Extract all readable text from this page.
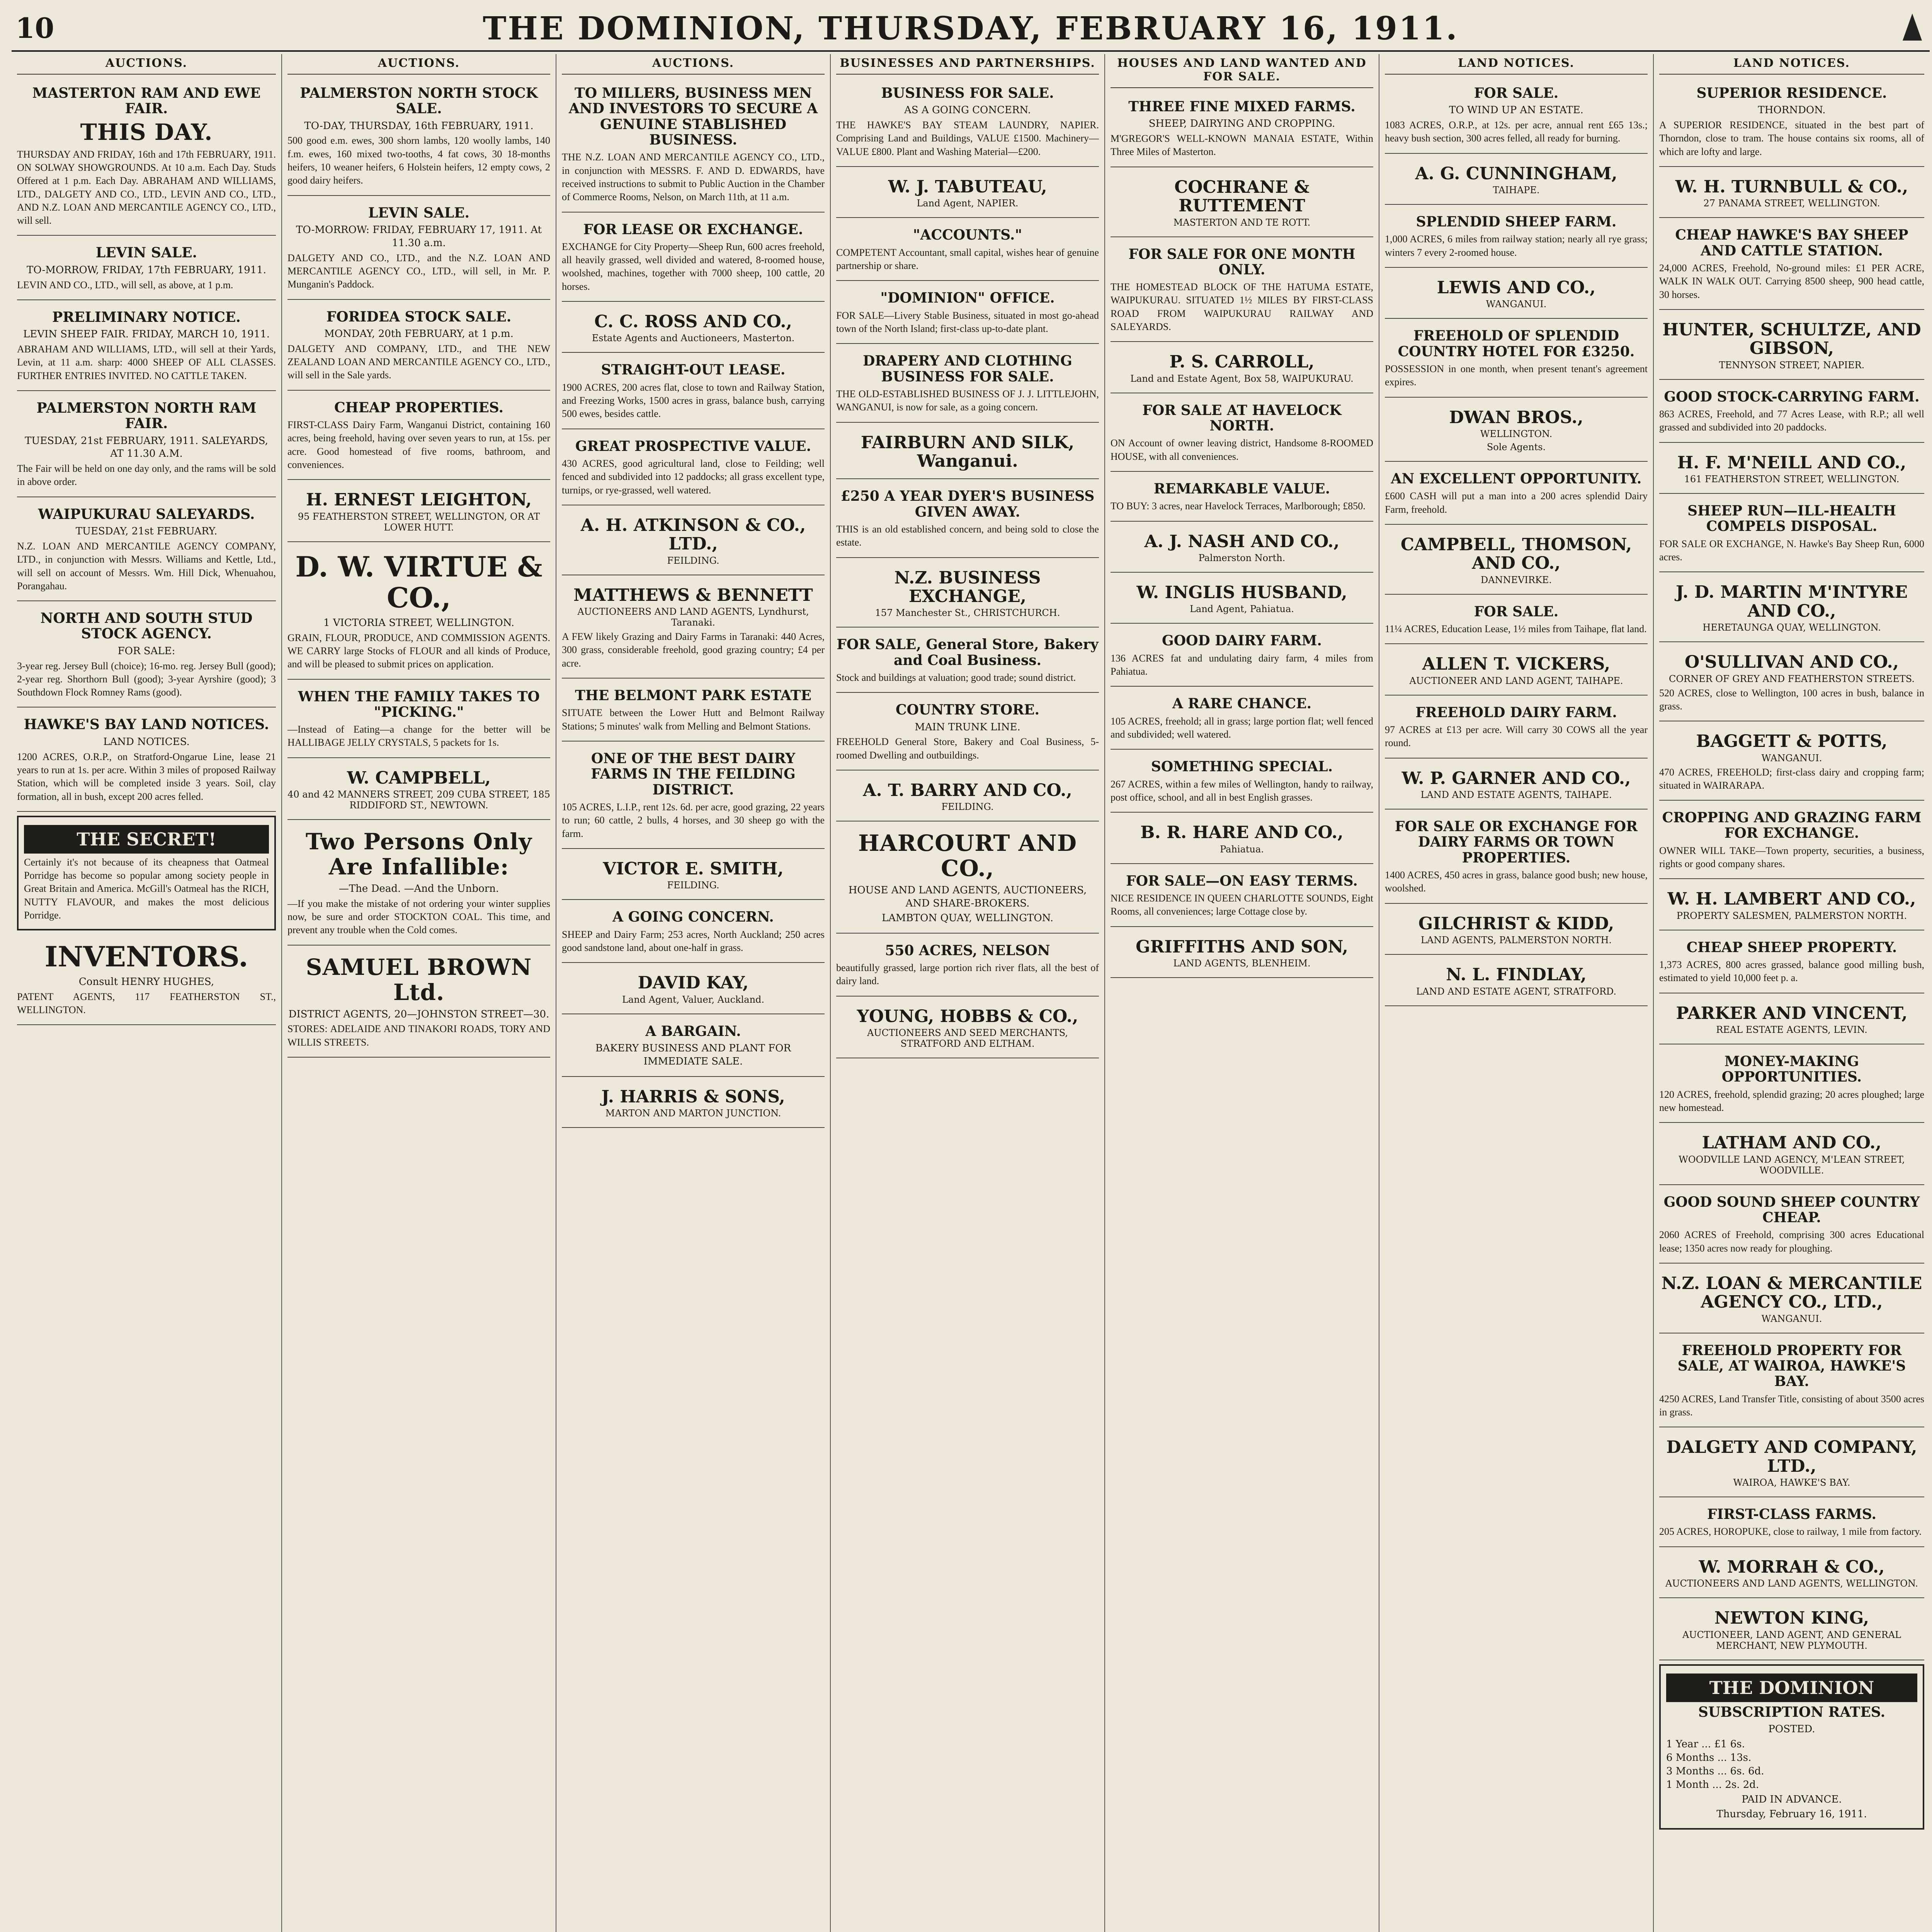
10	THE DOMINION, THURSDAY, FEBRUARY 16, 1911.
AUCTIONS.
MASTERTON RAM AND EWE FAIR.
THIS DAY.
THURSDAY AND FRIDAY, 16th and 17th FEBRUARY, 1911. ON SOLWAY SHOWGROUNDS. At 10 a.m. Each Day. Studs Offered at 1 p.m. Each Day. ABRAHAM AND WILLIAMS, LTD., DALGETY AND CO., LTD., LEVIN AND CO., LTD., AND N.Z. LOAN AND MERCANTILE AGENCY CO., LTD., will sell.
LEVIN SALE.
TO-MORROW, FRIDAY, 17th FEBRUARY, 1911.
LEVIN AND CO., LTD., will sell, as above, at 1 p.m.
PRELIMINARY NOTICE.
LEVIN SHEEP FAIR. FRIDAY, MARCH 10, 1911.
ABRAHAM AND WILLIAMS, LTD., will sell at their Yards, Levin, at 11 a.m. sharp: 4000 SHEEP OF ALL CLASSES. FURTHER ENTRIES INVITED. NO CATTLE TAKEN.
PALMERSTON NORTH RAM FAIR.
TUESDAY, 21st FEBRUARY, 1911. SALEYARDS, AT 11.30 A.M.
The Fair will be held on one day only, and the rams will be sold in above order.
WAIPUKURAU SALEYARDS.
TUESDAY, 21st FEBRUARY.
N.Z. LOAN AND MERCANTILE AGENCY COMPANY, LTD., in conjunction with Messrs. Williams and Kettle, Ltd., will sell on account of Messrs. Wm. Hill Dick, Whenuahou, Porangahau.
NORTH AND SOUTH STUD STOCK AGENCY.
FOR SALE:
3-year reg. Jersey Bull (choice); 16-mo. reg. Jersey Bull (good); 2-year reg. Shorthorn Bull (good); 3-year Ayrshire (good); 3 Southdown Flock Romney Rams (good).
HAWKE'S BAY LAND NOTICES.
LAND NOTICES.
1200 ACRES, O.R.P., on Stratford-Ongarue Line, lease 21 years to run at 1s. per acre. Within 3 miles of proposed Railway Station, which will be completed inside 3 years. Soil, clay formation, all in bush, except 200 acres felled.
THE SECRET!
Certainly it's not because of its cheapness that Oatmeal Porridge has become so popular among society people in Great Britain and America. McGill's Oatmeal has the RICH, NUTTY FLAVOUR, and makes the most delicious Porridge.
INVENTORS.
Consult HENRY HUGHES,
PATENT AGENTS, 117 FEATHERSTON ST., WELLINGTON.
AUCTIONS.
PALMERSTON NORTH STOCK SALE.
TO-DAY, THURSDAY, 16th FEBRUARY, 1911.
500 good e.m. ewes, 300 shorn lambs, 120 woolly lambs, 140 f.m. ewes, 160 mixed two-tooths, 4 fat cows, 30 18-months heifers, 10 weaner heifers, 6 Holstein heifers, 12 empty cows, 2 good dairy heifers.
LEVIN SALE.
TO-MORROW: FRIDAY, FEBRUARY 17, 1911. At 11.30 a.m.
DALGETY AND CO., LTD., and the N.Z. LOAN AND MERCANTILE AGENCY CO., LTD., will sell, in Mr. P. Munganin's Paddock.
FORIDEA STOCK SALE.
MONDAY, 20th FEBRUARY, at 1 p.m.
DALGETY AND COMPANY, LTD., and THE NEW ZEALAND LOAN AND MERCANTILE AGENCY CO., LTD., will sell in the Sale yards.
CHEAP PROPERTIES.
FIRST-CLASS Dairy Farm, Wanganui District, containing 160 acres, being freehold, having over seven years to run, at 15s. per acre. Good homestead of five rooms, bathroom, and conveniences.
H. ERNEST LEIGHTON,
95 FEATHERSTON STREET, WELLINGTON, OR AT LOWER HUTT.
D. W. VIRTUE & CO.,
1 VICTORIA STREET, WELLINGTON.
GRAIN, FLOUR, PRODUCE, AND COMMISSION AGENTS. WE CARRY large Stocks of FLOUR and all kinds of Produce, and will be pleased to submit prices on application.
WHEN THE FAMILY TAKES TO "PICKING."
—Instead of Eating—a change for the better will be HALLIBAGE JELLY CRYSTALS, 5 packets for 1s.
W. CAMPBELL,
40 and 42 MANNERS STREET, 209 CUBA STREET, 185 RIDDIFORD ST., NEWTOWN.
Two Persons Only Are Infallible:
—The Dead. —And the Unborn.
—If you make the mistake of not ordering your winter supplies now, be sure and order STOCKTON COAL. This time, and prevent any trouble when the Cold comes.
SAMUEL BROWN Ltd.
DISTRICT AGENTS, 20—JOHNSTON STREET—30.
STORES: ADELAIDE AND TINAKORI ROADS, TORY AND WILLIS STREETS.
AUCTIONS.
TO MILLERS, BUSINESS MEN AND INVESTORS TO SECURE A GENUINE STABLISHED BUSINESS.
THE N.Z. LOAN AND MERCANTILE AGENCY CO., LTD., in conjunction with MESSRS. F. AND D. EDWARDS, have received instructions to submit to Public Auction in the Chamber of Commerce Rooms, Nelson, on March 11th, at 11 a.m.
FOR LEASE OR EXCHANGE.
EXCHANGE for City Property—Sheep Run, 600 acres freehold, all heavily grassed, well divided and watered, 8-roomed house, woolshed, machines, together with 7000 sheep, 100 cattle, 20 horses.
C. C. ROSS AND CO.,
Estate Agents and Auctioneers, Masterton.
STRAIGHT-OUT LEASE.
1900 ACRES, 200 acres flat, close to town and Railway Station, and Freezing Works, 1500 acres in grass, balance bush, carrying 500 ewes, besides cattle.
GREAT PROSPECTIVE VALUE.
430 ACRES, good agricultural land, close to Feilding; well fenced and subdivided into 12 paddocks; all grass excellent type, turnips, or rye-grassed, well watered.
A. H. ATKINSON & CO., LTD.,
FEILDING.
MATTHEWS & BENNETT
AUCTIONEERS AND LAND AGENTS, Lyndhurst, Taranaki.
A FEW likely Grazing and Dairy Farms in Taranaki: 440 Acres, 300 grass, considerable freehold, good grazing country; £4 per acre.
THE BELMONT PARK ESTATE
SITUATE between the Lower Hutt and Belmont Railway Stations; 5 minutes' walk from Melling and Belmont Stations.
ONE OF THE BEST DAIRY FARMS IN THE FEILDING DISTRICT.
105 ACRES, L.I.P., rent 12s. 6d. per acre, good grazing, 22 years to run; 60 cattle, 2 bulls, 4 horses, and 30 sheep go with the farm.
VICTOR E. SMITH,
FEILDING.
A GOING CONCERN.
SHEEP and Dairy Farm; 253 acres, North Auckland; 250 acres good sandstone land, about one-half in grass.
DAVID KAY,
Land Agent, Valuer, Auckland.
A BARGAIN.
BAKERY BUSINESS AND PLANT FOR IMMEDIATE SALE.
J. HARRIS & SONS,
MARTON AND MARTON JUNCTION.
BUSINESSES AND PARTNERSHIPS.
BUSINESS FOR SALE.
AS A GOING CONCERN.
THE HAWKE'S BAY STEAM LAUNDRY, NAPIER. Comprising Land and Buildings, VALUE £1500. Machinery—VALUE £800. Plant and Washing Material—£200.
W. J. TABUTEAU,
Land Agent, NAPIER.
"ACCOUNTS."
COMPETENT Accountant, small capital, wishes hear of genuine partnership or share.
"DOMINION" OFFICE.
FOR SALE—Livery Stable Business, situated in most go-ahead town of the North Island; first-class up-to-date plant.
DRAPERY AND CLOTHING BUSINESS FOR SALE.
THE OLD-ESTABLISHED BUSINESS OF J. J. LITTLEJOHN, WANGANUI, is now for sale, as a going concern.
FAIRBURN AND SILK, Wanganui.
£250 A YEAR DYER'S BUSINESS GIVEN AWAY.
THIS is an old established concern, and being sold to close the estate.
N.Z. BUSINESS EXCHANGE,
157 Manchester St., CHRISTCHURCH.
FOR SALE, General Store, Bakery and Coal Business.
Stock and buildings at valuation; good trade; sound district.
COUNTRY STORE.
MAIN TRUNK LINE.
FREEHOLD General Store, Bakery and Coal Business, 5-roomed Dwelling and outbuildings.
A. T. BARRY AND CO.,
FEILDING.
HARCOURT AND CO.,
HOUSE AND LAND AGENTS, AUCTIONEERS, AND SHARE-BROKERS.
LAMBTON QUAY, WELLINGTON.
550 ACRES, NELSON
beautifully grassed, large portion rich river flats, all the best of dairy land.
YOUNG, HOBBS & CO.,
AUCTIONEERS AND SEED MERCHANTS, STRATFORD AND ELTHAM.
HOUSES AND LAND WANTED AND FOR SALE.
THREE FINE MIXED FARMS.
SHEEP, DAIRYING AND CROPPING.
M'GREGOR'S WELL-KNOWN MANAIA ESTATE, Within Three Miles of Masterton.
COCHRANE & RUTTEMENT
MASTERTON AND TE ROTT.
FOR SALE FOR ONE MONTH ONLY.
THE HOMESTEAD BLOCK OF THE HATUMA ESTATE, WAIPUKURAU. SITUATED 1½ MILES BY FIRST-CLASS ROAD FROM WAIPUKURAU RAILWAY AND SALEYARDS.
P. S. CARROLL,
Land and Estate Agent, Box 58, WAIPUKURAU.
FOR SALE AT HAVELOCK NORTH.
ON Account of owner leaving district, Handsome 8-ROOMED HOUSE, with all conveniences.
REMARKABLE VALUE.
TO BUY: 3 acres, near Havelock Terraces, Marlborough; £850.
A. J. NASH AND CO.,
Palmerston North.
W. INGLIS HUSBAND,
Land Agent, Pahiatua.
GOOD DAIRY FARM.
136 ACRES fat and undulating dairy farm, 4 miles from Pahiatua.
A RARE CHANCE.
105 ACRES, freehold; all in grass; large portion flat; well fenced and subdivided; well watered.
SOMETHING SPECIAL.
267 ACRES, within a few miles of Wellington, handy to railway, post office, school, and all in best English grasses.
B. R. HARE AND CO.,
Pahiatua.
FOR SALE—ON EASY TERMS.
NICE RESIDENCE IN QUEEN CHARLOTTE SOUNDS, Eight Rooms, all conveniences; large Cottage close by.
GRIFFITHS AND SON,
LAND AGENTS, BLENHEIM.
LAND NOTICES.
FOR SALE.
TO WIND UP AN ESTATE.
1083 ACRES, O.R.P., at 12s. per acre, annual rent £65 13s.; heavy bush section, 300 acres felled, all ready for burning.
A. G. CUNNINGHAM,
TAIHAPE.
SPLENDID SHEEP FARM.
1,000 ACRES, 6 miles from railway station; nearly all rye grass; winters 7 every 2-roomed house.
LEWIS AND CO.,
WANGANUI.
FREEHOLD OF SPLENDID COUNTRY HOTEL FOR £3250.
POSSESSION in one month, when present tenant's agreement expires.
DWAN BROS.,
WELLINGTON.
Sole Agents.
AN EXCELLENT OPPORTUNITY.
£600 CASH will put a man into a 200 acres splendid Dairy Farm, freehold.
CAMPBELL, THOMSON, AND CO.,
DANNEVIRKE.
FOR SALE.
11¼ ACRES, Education Lease, 1½ miles from Taihape, flat land.
ALLEN T. VICKERS,
AUCTIONEER AND LAND AGENT, TAIHAPE.
FREEHOLD DAIRY FARM.
97 ACRES at £13 per acre. Will carry 30 COWS all the year round.
W. P. GARNER AND CO.,
LAND AND ESTATE AGENTS, TAIHAPE.
FOR SALE OR EXCHANGE FOR DAIRY FARMS OR TOWN PROPERTIES.
1400 ACRES, 450 acres in grass, balance good bush; new house, woolshed.
GILCHRIST & KIDD,
LAND AGENTS, PALMERSTON NORTH.
N. L. FINDLAY,
LAND AND ESTATE AGENT, STRATFORD.
LAND NOTICES.
SUPERIOR RESIDENCE.
THORNDON.
A SUPERIOR RESIDENCE, situated in the best part of Thorndon, close to tram. The house contains six rooms, all of which are lofty and large.
W. H. TURNBULL & CO.,
27 PANAMA STREET, WELLINGTON.
CHEAP HAWKE'S BAY SHEEP AND CATTLE STATION.
24,000 ACRES, Freehold, No-ground miles: £1 PER ACRE, WALK IN WALK OUT. Carrying 8500 sheep, 900 head cattle, 30 horses.
HUNTER, SCHULTZE, AND GIBSON,
TENNYSON STREET, NAPIER.
GOOD STOCK-CARRYING FARM.
863 ACRES, Freehold, and 77 Acres Lease, with R.P.; all well grassed and subdivided into 20 paddocks.
H. F. M'NEILL AND CO.,
161 FEATHERSTON STREET, WELLINGTON.
SHEEP RUN—ILL-HEALTH COMPELS DISPOSAL.
FOR SALE OR EXCHANGE, N. Hawke's Bay Sheep Run, 6000 acres.
J. D. MARTIN M'INTYRE AND CO.,
HERETAUNGA QUAY, WELLINGTON.
O'SULLIVAN AND CO.,
CORNER OF GREY AND FEATHERSTON STREETS.
520 ACRES, close to Wellington, 100 acres in bush, balance in grass.
BAGGETT & POTTS,
WANGANUI.
470 ACRES, FREEHOLD; first-class dairy and cropping farm; situated in WAIRARAPA.
CROPPING AND GRAZING FARM FOR EXCHANGE.
OWNER WILL TAKE—Town property, securities, a business, rights or good company shares.
W. H. LAMBERT AND CO.,
PROPERTY SALESMEN, PALMERSTON NORTH.
CHEAP SHEEP PROPERTY.
1,373 ACRES, 800 acres grassed, balance good milling bush, estimated to yield 10,000 feet p. a.
PARKER AND VINCENT,
REAL ESTATE AGENTS, LEVIN.
MONEY-MAKING OPPORTUNITIES.
120 ACRES, freehold, splendid grazing; 20 acres ploughed; large new homestead.
LATHAM AND CO.,
WOODVILLE LAND AGENCY, M'LEAN STREET, WOODVILLE.
GOOD SOUND SHEEP COUNTRY CHEAP.
2060 ACRES of Freehold, comprising 300 acres Educational lease; 1350 acres now ready for ploughing.
N.Z. LOAN & MERCANTILE AGENCY CO., LTD.,
WANGANUI.
FREEHOLD PROPERTY FOR SALE, AT WAIROA, HAWKE'S BAY.
4250 ACRES, Land Transfer Title, consisting of about 3500 acres in grass.
DALGETY AND COMPANY, LTD.,
WAIROA, HAWKE'S BAY.
FIRST-CLASS FARMS.
205 ACRES, HOROPUKE, close to railway, 1 mile from factory.
W. MORRAH & CO.,
AUCTIONEERS AND LAND AGENTS, WELLINGTON.
NEWTON KING,
AUCTIONEER, LAND AGENT, AND GENERAL MERCHANT, NEW PLYMOUTH.
THE DOMINION
SUBSCRIPTION RATES.
POSTED.
1 Year ... £1 6s.
6 Months ... 13s.
3 Months ... 6s. 6d.
1 Month ... 2s. 2d.
PAID IN ADVANCE.
Thursday, February 16, 1911.
